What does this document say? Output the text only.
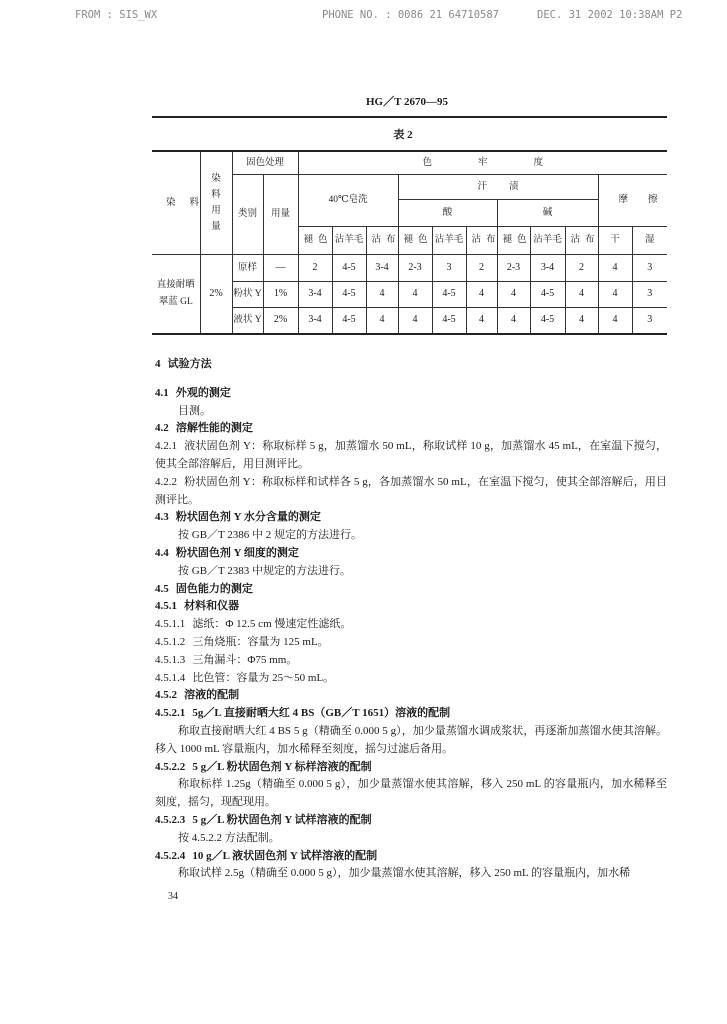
FROM : SIS_WX	PHONE NO. : 0086 21 64710587	DEC. 31 2002 10:38AM P2
HG／T 2670—95
表 2
染料	染料用量	固色处理		色牢度										
		类别	用量	40℃皂洗			汗渍						摩擦	
							酸			碱				
				褪色	沾羊毛	沾布	褪色	沾羊毛	沾布	褪色	沾羊毛	沾布	干	湿
直接耐晒翠蓝 GL	2%	原样	—	2	4-5	3-4	2-3	3	2	2-3	3-4	2	4	3
		粉状 Y	1%	3-4	4-5	4	4	4-5	4	4	4-5	4	4	3
		液状 Y	2%	3-4	4-5	4	4	4-5	4	4	4-5	4	4	3

4 试验方法

4.1 外观的测定

目测。

4.2 溶解性能的测定

4.2.1 液状固色剂 Y：称取标样 5 g，加蒸馏水 50 mL，称取试样 10 g，加蒸馏水 45 mL，在室温下搅匀，使其全部溶解后，用目测评比。

4.2.2 粉状固色剂 Y：称取标样和试样各 5 g，各加蒸馏水 50 mL，在室温下搅匀，使其全部溶解后，用目测评比。

4.3 粉状固色剂 Y 水分含量的测定

按 GB／T 2386 中 2 规定的方法进行。

4.4 粉状固色剂 Y 细度的测定

按 GB／T 2383 中规定的方法进行。

4.5 固色能力的测定

4.5.1 材料和仪器

4.5.1.1 滤纸：Φ 12.5 cm 慢速定性滤纸。

4.5.1.2 三角烧瓶：容量为 125 mL。

4.5.1.3 三角漏斗：Φ75 mm。

4.5.1.4 比色管：容量为 25～50 mL。

4.5.2 溶液的配制

4.5.2.1 5g／L 直接耐晒大红 4 BS（GB／T 1651）溶液的配制

称取直接耐晒大红 4 BS 5 g（精确至 0.000 5 g），加少量蒸馏水调成浆状，再逐渐加蒸馏水使其溶解。移入 1000 mL 容量瓶内，加水稀释至刻度，摇匀过滤后备用。

4.5.2.2 5 g／L 粉状固色剂 Y 标样溶液的配制

称取标样 1.25g（精确至 0.000 5 g），加少量蒸馏水使其溶解，移入 250 mL 的容量瓶内，加水稀释至刻度，摇匀，现配现用。

4.5.2.3 5 g／L 粉状固色剂 Y 试样溶液的配制

按 4.5.2.2 方法配制。

4.5.2.4 10 g／L 液状固色剂 Y 试样溶液的配制

称取试样 2.5g（精确至 0.000 5 g），加少量蒸馏水使其溶解，移入 250 mL 的容量瓶内，加水稀

34
